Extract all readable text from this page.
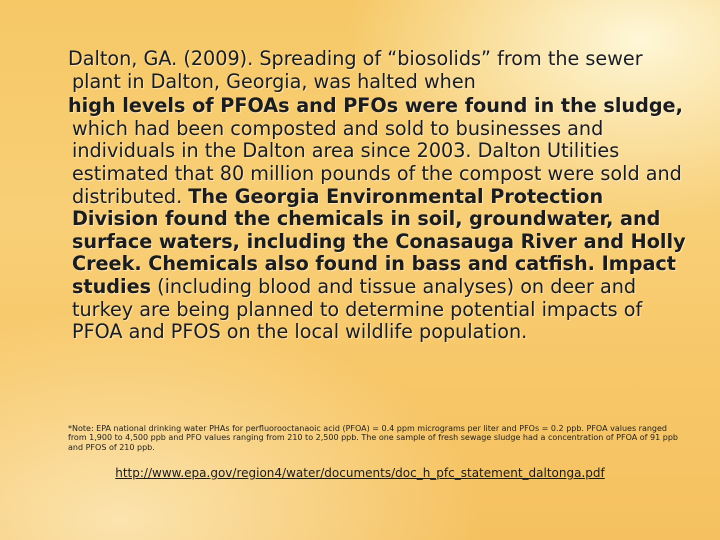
Dalton, GA. (2009). Spreading of “biosolids” from the sewer plant in Dalton, Georgia, was halted when

high levels of PFOAs and PFOs were found in the sludge, which had been composted and sold to businesses and individuals in the Dalton area since 2003. Dalton Utilities estimated that 80 million pounds of the compost were sold and distributed. The Georgia Environmental Protection Division found the chemicals in soil, groundwater, and surface waters, including the Conasauga River and Holly Creek. Chemicals also found in bass and catfish. Impact studies (including blood and tissue analyses) on deer and turkey are being planned to determine potential impacts of PFOA and PFOS on the local wildlife population.

*Note: EPA national drinking water PHAs for perfluorooctanaoic acid (PFOA) = 0.4 ppm micrograms per liter and PFOs = 0.2 ppb. PFOA values ranged from 1,900 to 4,500 ppb and PFO values ranging from 210 to 2,500 ppb. The one sample of fresh sewage sludge had a concentration of PFOA of 91 ppb and PFOS of 210 ppb.
http://www.epa.gov/region4/water/documents/doc_h_pfc_statement_daltonga.pdf
